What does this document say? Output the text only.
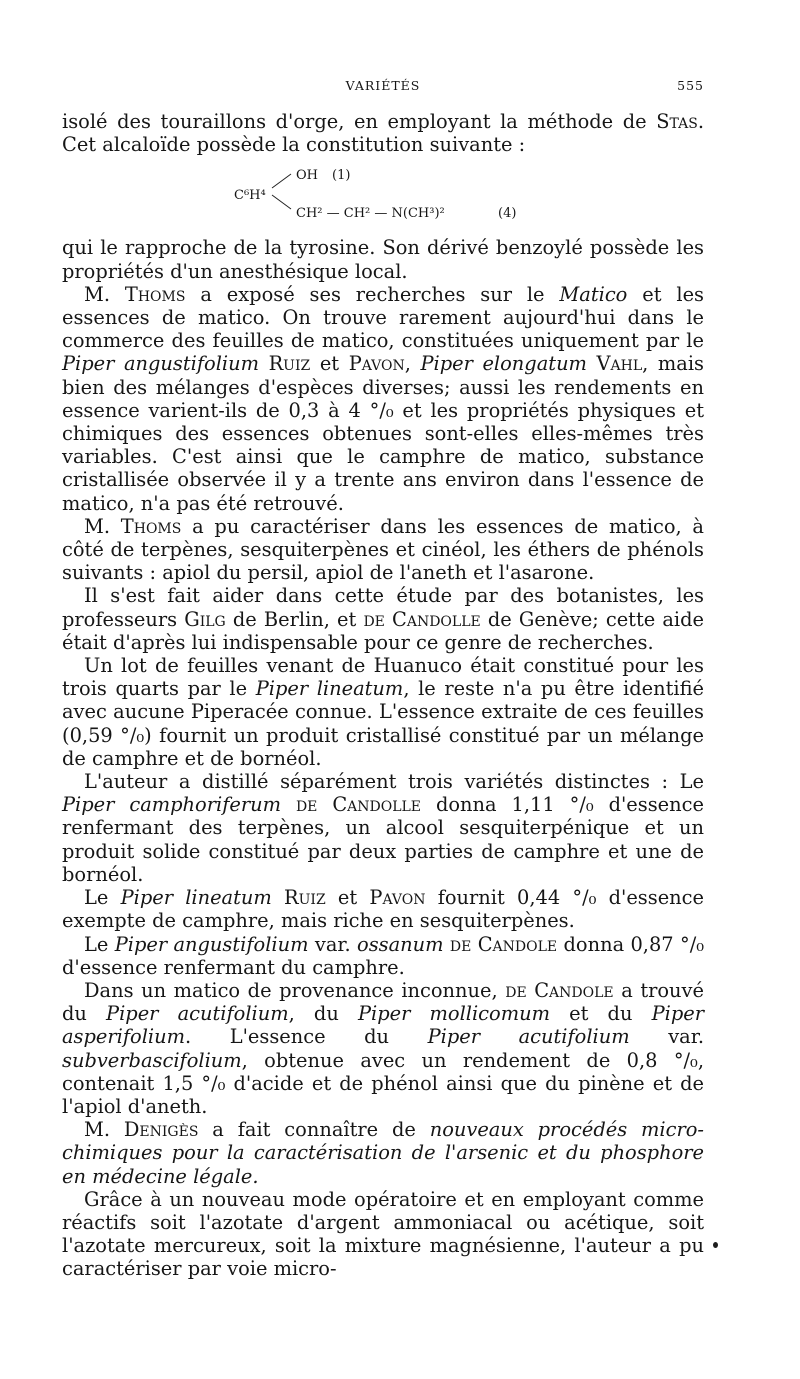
VARIÉTÉS	555

isolé des touraillons d'orge, en employant la méthode de Stas. Cet alcaloïde possède la constitution suivante :

C⁶H⁴
OH (1)
CH² — CH² — N(CH³)²	(4)

qui le rapproche de la tyrosine. Son dérivé benzoylé possède les propriétés d'un anesthésique local.

M. Thoms a exposé ses recherches sur le Matico et les essences de matico. On trouve rarement aujourd'hui dans le commerce des feuilles de matico, constituées uniquement par le Piper angustifolium Ruiz et Pavon, Piper elongatum Vahl, mais bien des mélanges d'espèces diverses; aussi les rendements en essence varient-ils de 0,3 à 4 °/₀ et les propriétés physiques et chimiques des essences obtenues sont-elles elles-mêmes très variables. C'est ainsi que le camphre de matico, substance cristallisée observée il y a trente ans environ dans l'essence de matico, n'a pas été retrouvé.

M. Thoms a pu caractériser dans les essences de matico, à côté de terpènes, sesquiterpènes et cinéol, les éthers de phénols suivants : apiol du persil, apiol de l'aneth et l'asarone.

Il s'est fait aider dans cette étude par des botanistes, les professeurs Gilg de Berlin, et de Candolle de Genève; cette aide était d'après lui indispensable pour ce genre de recherches.

Un lot de feuilles venant de Huanuco était constitué pour les trois quarts par le Piper lineatum, le reste n'a pu être identifié avec aucune Piperacée connue. L'essence extraite de ces feuilles (0,59 °/₀) fournit un produit cristallisé constitué par un mélange de camphre et de bornéol.

L'auteur a distillé séparément trois variétés distinctes : Le Piper camphoriferum de Candolle donna 1,11 °/₀ d'essence renfermant des terpènes, un alcool sesquiterpénique et un produit solide constitué par deux parties de camphre et une de bornéol.

Le Piper lineatum Ruiz et Pavon fournit 0,44 °/₀ d'essence exempte de camphre, mais riche en sesquiterpènes.

Le Piper angustifolium var. ossanum de Candole donna 0,87 °/₀ d'essence renfermant du camphre.

Dans un matico de provenance inconnue, de Candole a trouvé du Piper acutifolium, du Piper mollicomum et du Piper asperifolium. L'essence du Piper acutifolium var. subverbascifolium, obtenue avec un rendement de 0,8 °/₀, contenait 1,5 °/₀ d'acide et de phénol ainsi que du pinène et de l'apiol d'aneth.

M. Denigès a fait connaître de nouveaux procédés micro-chimiques pour la caractérisation de l'arsenic et du phosphore en médecine légale.

Grâce à un nouveau mode opératoire et en employant comme réactifs soit l'azotate d'argent ammoniacal ou acétique, soit l'azotate mercureux, soit la mixture magnésienne, l'auteur a pu caractériser par voie micro-
